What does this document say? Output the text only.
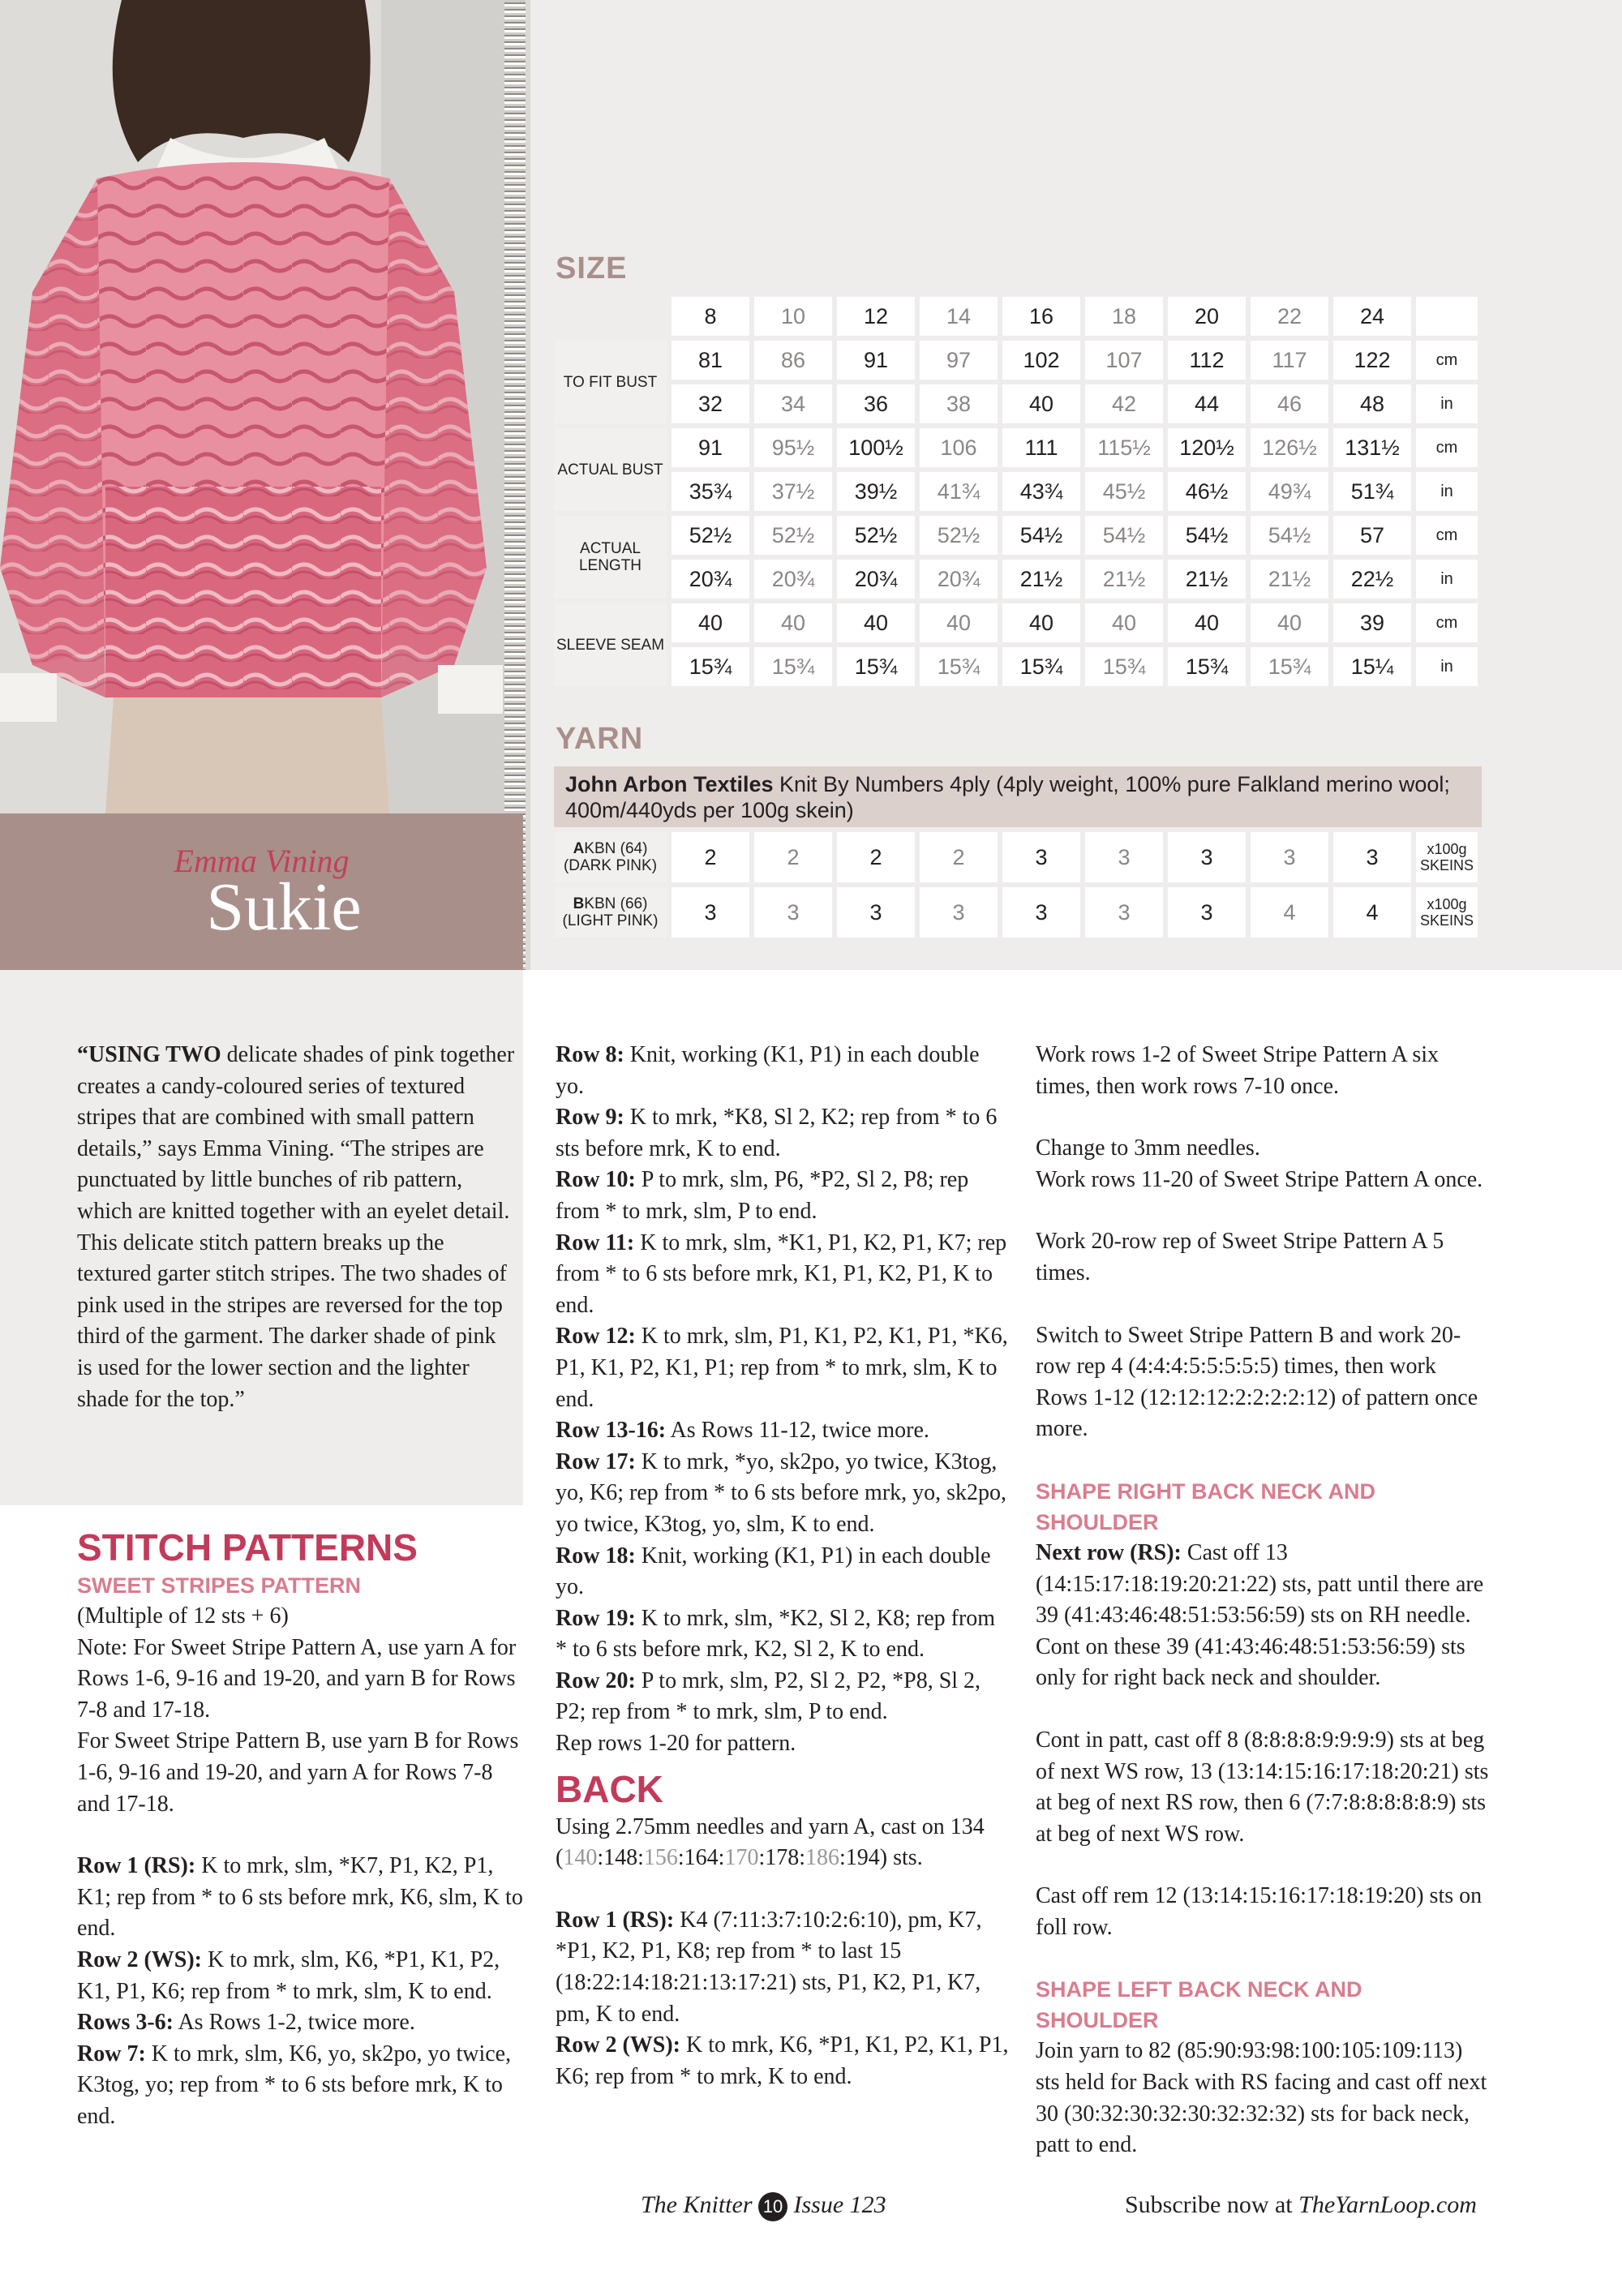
Emma Vining
Sukie
SIZE
	8	10	12	14	16	18	20	22	24	
TO FIT BUST	81	86	91	97	102	107	112	117	122	cm
	32	34	36	38	40	42	44	46	48	in
ACTUAL BUST	91	95½	100½	106	111	115½	120½	126½	131½	cm
	35¾	37½	39½	41¾	43¾	45½	46½	49¾	51¾	in
ACTUAL LENGTH	52½	52½	52½	52½	54½	54½	54½	54½	57	cm
	20¾	20¾	20¾	20¾	21½	21½	21½	21½	22½	in
SLEEVE SEAM	40	40	40	40	40	40	40	40	39	cm
	15¾	15¾	15¾	15¾	15¾	15¾	15¾	15¾	15¼	in
YARN
John Arbon Textiles Knit By Numbers 4ply (4ply weight, 100% pure Falkland merino wool; 400m/440yds per 100g skein)
AKBN (64)
(DARK PINK)	2	2	2	2	3	3	3	3	3	x100g
SKEINS
BKBN (66)
(LIGHT PINK)	3	3	3	3	3	3	3	4	4	x100g
SKEINS

“USING TWO delicate shades of pink together creates a candy-coloured series of textured stripes that are combined with small pattern details,” says Emma Vining. “The stripes are punctuated by little bunches of rib pattern, which are knitted together with an eyelet detail. This delicate stitch pattern breaks up the textured garter stitch stripes. The two shades of pink used in the stripes are reversed for the top third of the garment. The darker shade of pink is used for the lower section and the lighter shade for the top.”

STITCH PATTERNS
SWEET STRIPES PATTERN

(Multiple of 12 sts + 6)

Note: For Sweet Stripe Pattern A, use yarn A for Rows 1-6, 9-16 and 19-20, and yarn B for Rows 7-8 and 17-18.

For Sweet Stripe Pattern B, use yarn B for Rows 1-6, 9-16 and 19-20, and yarn A for Rows 7-8 and 17-18.

Row 1 (RS): K to mrk, slm, *K7, P1, K2, P1, K1; rep from * to 6 sts before mrk, K6, slm, K to end.

Row 2 (WS): K to mrk, slm, K6, *P1, K1, P2, K1, P1, K6; rep from * to mrk, slm, K to end.

Rows 3-6: As Rows 1-2, twice more.

Row 7: K to mrk, slm, K6, yo, sk2po, yo twice, K3tog, yo; rep from * to 6 sts before mrk, K to end.

Row 8: Knit, working (K1, P1) in each double yo.

Row 9: K to mrk, *K8, Sl 2, K2; rep from * to 6 sts before mrk, K to end.

Row 10: P to mrk, slm, P6, *P2, Sl 2, P8; rep from * to mrk, slm, P to end.

Row 11: K to mrk, slm, *K1, P1, K2, P1, K7; rep from * to 6 sts before mrk, K1, P1, K2, P1, K to end.

Row 12: K to mrk, slm, P1, K1, P2, K1, P1, *K6, P1, K1, P2, K1, P1; rep from * to mrk, slm, K to end.

Row 13-16: As Rows 11-12, twice more.

Row 17: K to mrk, *yo, sk2po, yo twice, K3tog, yo, K6; rep from * to 6 sts before mrk, yo, sk2po, yo twice, K3tog, yo, slm, K to end.

Row 18: Knit, working (K1, P1) in each double yo.

Row 19: K to mrk, slm, *K2, Sl 2, K8; rep from * to 6 sts before mrk, K2, Sl 2, K to end.

Row 20: P to mrk, slm, P2, Sl 2, P2, *P8, Sl 2, P2; rep from * to mrk, slm, P to end.

Rep rows 1-20 for pattern.

BACK

Using 2.75mm needles and yarn A, cast on 134 (140:148:156:164:170:178:186:194) sts.

Row 1 (RS): K4 (7:11:3:7:10:2:6:10), pm, K7, *P1, K2, P1, K8; rep from * to last 15 (18:22:14:18:21:13:17:21) sts, P1, K2, P1, K7, pm, K to end.

Row 2 (WS): K to mrk, K6, *P1, K1, P2, K1, P1, K6; rep from * to mrk, K to end.

Work rows 1-2 of Sweet Stripe Pattern A six times, then work rows 7-10 once.

Change to 3mm needles.

Work rows 11-20 of Sweet Stripe Pattern A once.

Work 20-row rep of Sweet Stripe Pattern A 5 times.

Switch to Sweet Stripe Pattern B and work 20-row rep 4 (4:4:4:5:5:5:5:5) times, then work Rows 1-12 (12:12:12:2:2:2:2:12) of pattern once more.

SHAPE RIGHT BACK NECK AND SHOULDER

Next row (RS): Cast off 13 (14:15:17:18:19:20:21:22) sts, patt until there are 39 (41:43:46:48:51:53:56:59) sts on RH needle. Cont on these 39 (41:43:46:48:51:53:56:59) sts only for right back neck and shoulder.

Cont in patt, cast off 8 (8:8:8:8:9:9:9:9) sts at beg of next WS row, 13 (13:14:15:16:17:18:20:21) sts at beg of next RS row, then 6 (7:7:8:8:8:8:8:9) sts at beg of next WS row.

Cast off rem 12 (13:14:15:16:17:18:19:20) sts on foll row.

SHAPE LEFT BACK NECK AND SHOULDER

Join yarn to 82 (85:90:93:98:100:105:109:113) sts held for Back with RS facing and cast off next 30 (30:32:30:32:30:32:32:32) sts for back neck, patt to end.

The Knitter 10 Issue 123	Subscribe now at TheYarnLoop.com
